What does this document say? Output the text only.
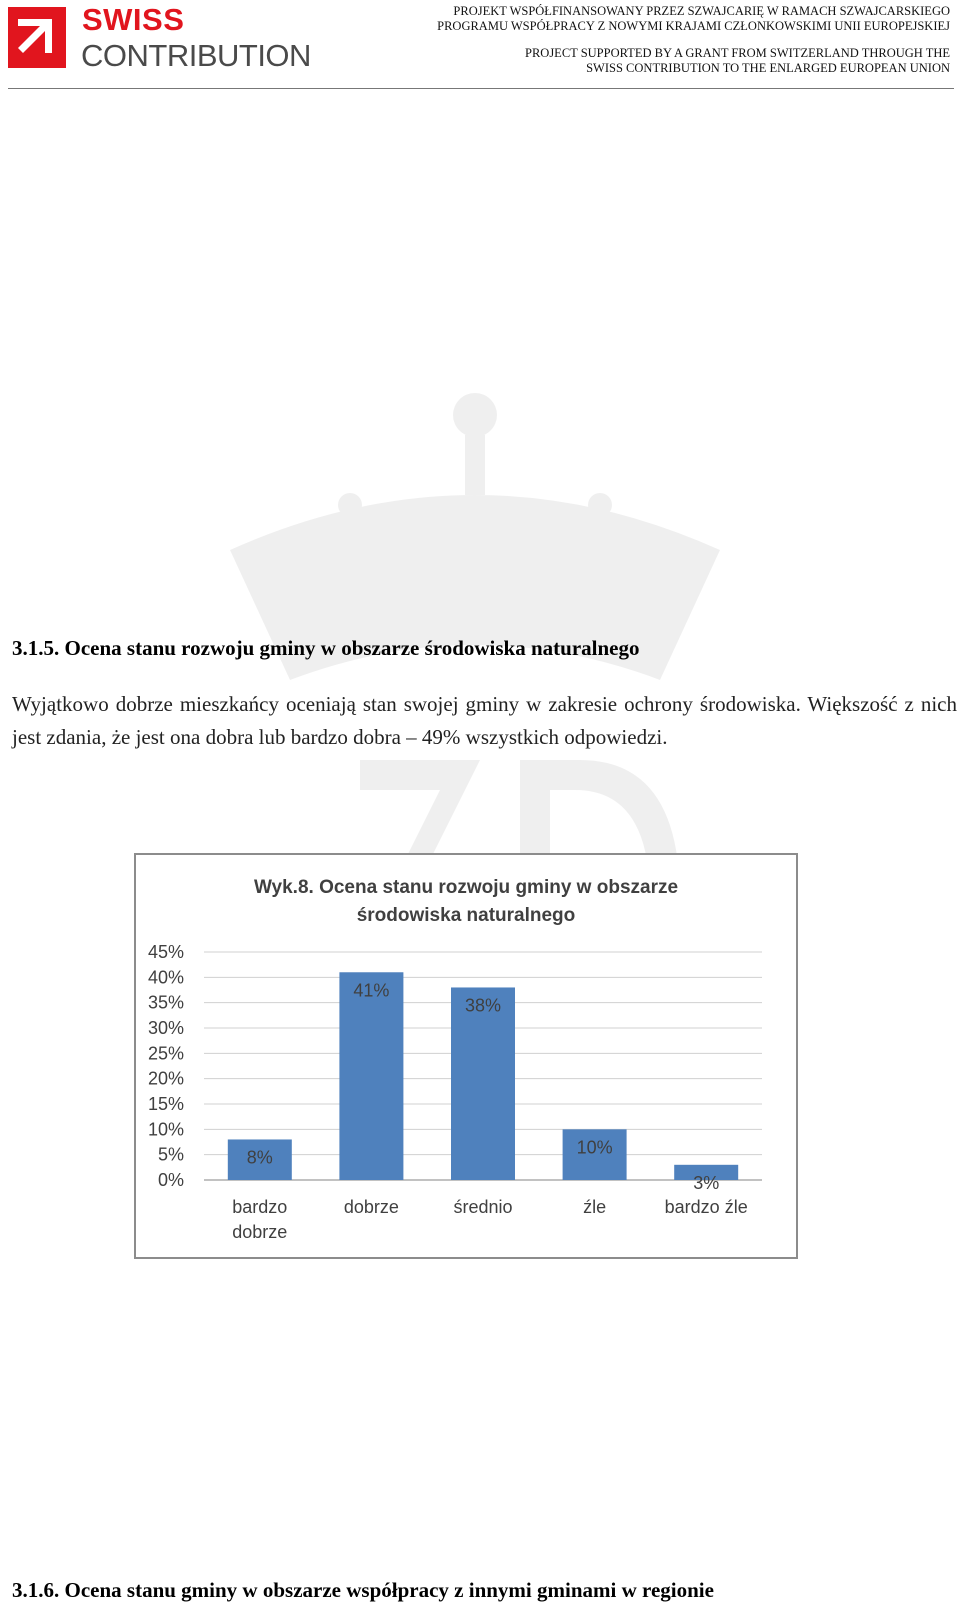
SWISS
CONTRIBUTION
PROJEKT WSPÓŁFINANSOWANY PRZEZ SZWAJCARIĘ W RAMACH SZWAJCARSKIEGO
PROGRAMU WSPÓŁPRACY Z NOWYMI KRAJAMI CZŁONKOWSKIMI UNII EUROPEJSKIEJ
PROJECT SUPPORTED BY A GRANT FROM SWITZERLAND THROUGH THE
SWISS CONTRIBUTION TO THE ENLARGED EUROPEAN UNION
3.1.5. Ocena stanu rozwoju gminy w obszarze środowiska naturalnego
Wyjątkowo dobrze mieszkańcy oceniają stan swojej gminy w zakresie ochrony środowiska. Większość z nich jest zdania, że jest ona dobra lub bardzo dobra – 49% wszystkich odpowiedzi.
Wyk.8. Ocena stanu rozwoju gminy w obszarze
środowiska naturalnego
0%
5%
10%
15%
20%
25%
30%
35%
40%
45%
8%
bardzo
dobrze
41%
dobrze
38%
średnio
10%
źle
3%
bardzo źle
3.1.6. Ocena stanu gminy w obszarze współpracy z innymi gminami w regionie
